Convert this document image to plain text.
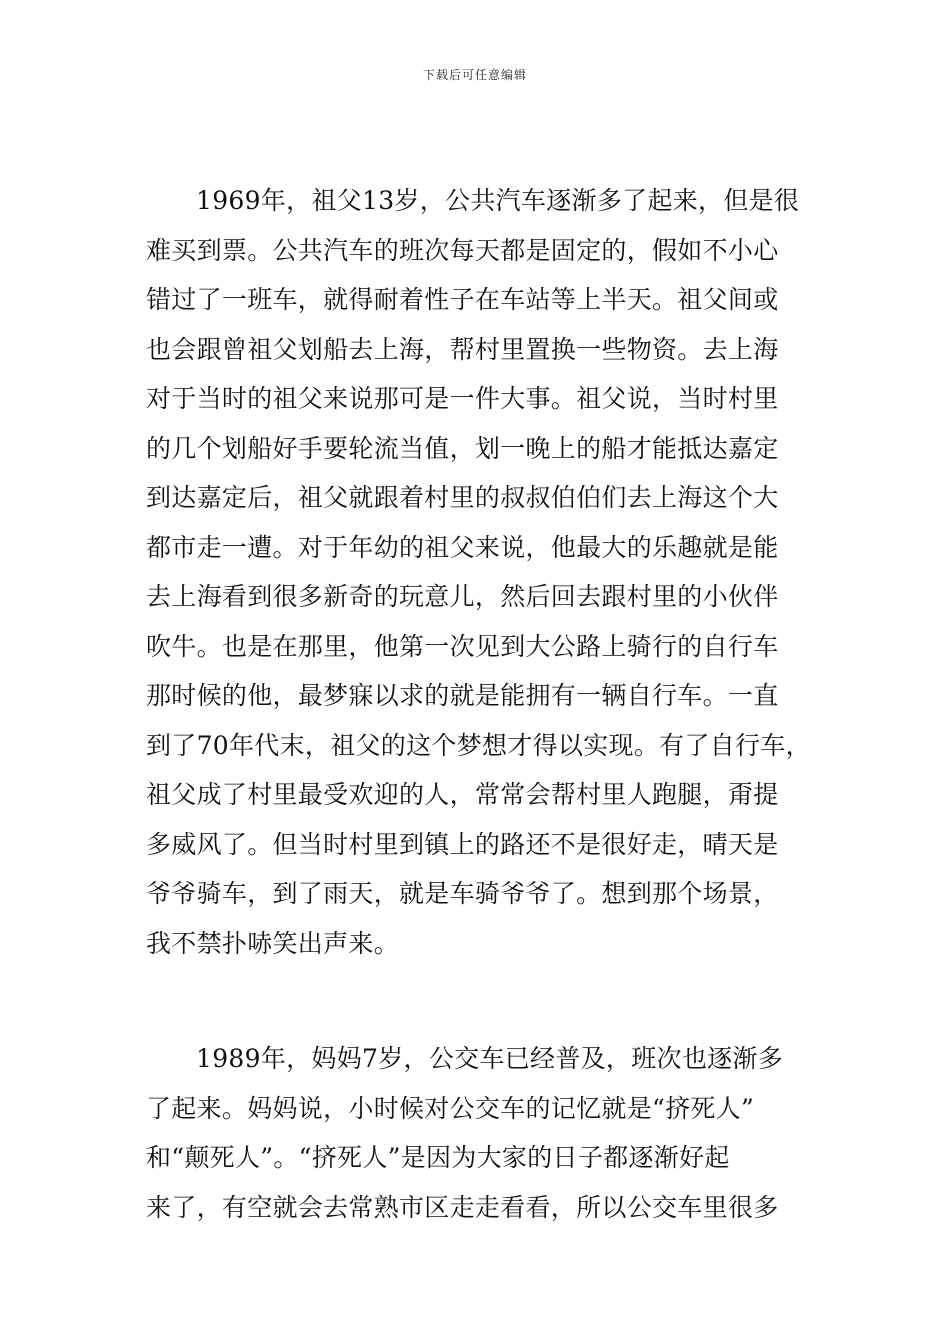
下载后可任意编辑
1969年，祖父13岁，公共汽车逐渐多了起来，但是很
难买到票。公共汽车的班次每天都是固定的，假如不小心
错过了一班车，就得耐着性子在车站等上半天。祖父间或
也会跟曾祖父划船去上海，帮村里置换一些物资。去上海
对于当时的祖父来说那可是一件大事。祖父说，当时村里
的几个划船好手要轮流当值，划一晚上的船才能抵达嘉定
到达嘉定后，祖父就跟着村里的叔叔伯伯们去上海这个大
都市走一遭。对于年幼的祖父来说，他最大的乐趣就是能
去上海看到很多新奇的玩意儿，然后回去跟村里的小伙伴
吹牛。也是在那里，他第一次见到大公路上骑行的自行车
那时候的他，最梦寐以求的就是能拥有一辆自行车。一直
到了70年代末，祖父的这个梦想才得以实现。有了自行车，
祖父成了村里最受欢迎的人，常常会帮村里人跑腿，甭提
多威风了。但当时村里到镇上的路还不是很好走，晴天是
爷爷骑车，到了雨天，就是车骑爷爷了。想到那个场景，
我不禁扑哧笑出声来。
1989年，妈妈7岁，公交车已经普及，班次也逐渐多
了起来。妈妈说，小时候对公交车的记忆就是“挤死人”
和“颠死人”。“挤死人”是因为大家的日子都逐渐好起
来了，有空就会去常熟市区走走看看，所以公交车里很多
